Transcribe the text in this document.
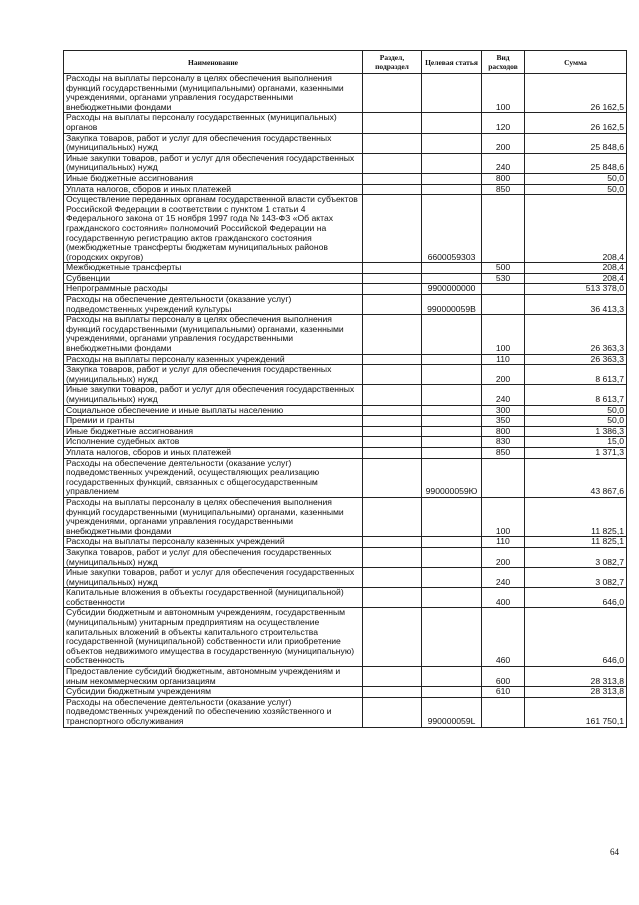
Наименование	Раздел, подраздел	Целевая статья	Вид расходов	Сумма
Расходы на выплаты персоналу в целях обеспечения выполнения функций государственными (муниципальными) органами, казенными учреждениями, органами управления государственными внебюджетными фондами			100	26 162,5
Расходы на выплаты персоналу государственных (муниципальных) органов			120	26 162,5
Закупка товаров, работ и услуг для обеспечения государственных (муниципальных) нужд			200	25 848,6
Иные закупки товаров, работ и услуг для обеспечения государственных (муниципальных) нужд			240	25 848,6
Иные бюджетные ассигнования			800	50,0
Уплата налогов, сборов и иных платежей			850	50,0
Осуществление переданных органам государственной власти субъектов Российской Федерации в соответствии с пунктом 1 статьи 4 Федерального закона от 15 ноября 1997 года № 143-ФЗ «Об актах гражданского состояния» полномочий Российской Федерации на государственную регистрацию актов гражданского состояния (межбюджетные трансферты бюджетам муниципальных районов (городских округов)		6600059303		208,4
Межбюджетные трансферты			500	208,4
Субвенции			530	208,4
Непрограммные расходы		9900000000		513 378,0
Расходы на обеспечение деятельности (оказание услуг) подведомственных учреждений культуры		990000059В		36 413,3
Расходы на выплаты персоналу в целях обеспечения выполнения функций государственными (муниципальными) органами, казенными учреждениями, органами управления государственными внебюджетными фондами			100	26 363,3
Расходы на выплаты персоналу казенных учреждений			110	26 363,3
Закупка товаров, работ и услуг для обеспечения государственных (муниципальных) нужд			200	8 613,7
Иные закупки товаров, работ и услуг для обеспечения государственных (муниципальных) нужд			240	8 613,7
Социальное обеспечение и иные выплаты населению			300	50,0
Премии и гранты			350	50,0
Иные бюджетные ассигнования			800	1 386,3
Исполнение судебных актов			830	15,0
Уплата налогов, сборов и иных платежей			850	1 371,3
Расходы на обеспечение деятельности (оказание услуг) подведомственных учреждений, осуществляющих реализацию государственных функций, связанных с общегосударственным управлением		990000059Ю		43 867,6
Расходы на выплаты персоналу в целях обеспечения выполнения функций государственными (муниципальными) органами, казенными учреждениями, органами управления государственными внебюджетными фондами			100	11 825,1
Расходы на выплаты персоналу казенных учреждений			110	11 825,1
Закупка товаров, работ и услуг для обеспечения государственных (муниципальных) нужд			200	3 082,7
Иные закупки товаров, работ и услуг для обеспечения государственных (муниципальных) нужд			240	3 082,7
Капитальные вложения в объекты государственной (муниципальной) собственности			400	646,0
Субсидии бюджетным и автономным учреждениям, государственным (муниципальным) унитарным предприятиям на осуществление капитальных вложений в объекты капитального строительства государственной (муниципальной) собственности или приобретение объектов недвижимого имущества в государственную (муниципальную) собственность			460	646,0
Предоставление субсидий бюджетным, автономным учреждениям и иным некоммерческим организациям			600	28 313,8
Субсидии бюджетным учреждениям			610	28 313,8
Расходы на обеспечение деятельности (оказание услуг) подведомственных учреждений по обеспечению хозяйственного и транспортного обслуживания		990000059L		161 750,1
64
